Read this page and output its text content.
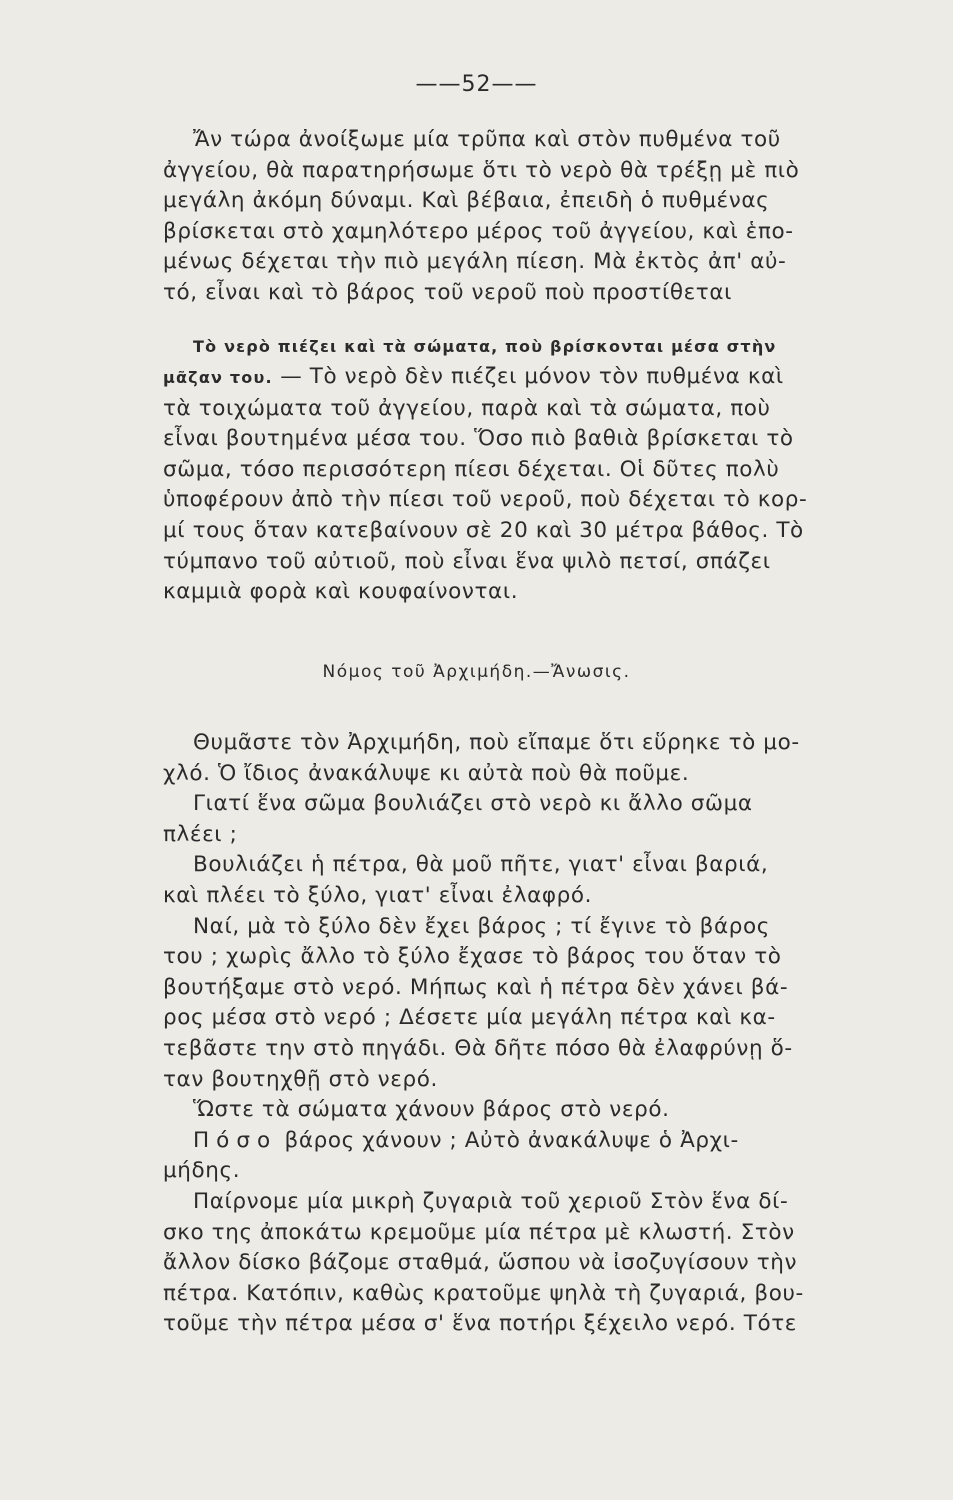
——52——
Ἄν τώρα ἀνοίξωμε μία τρῦπα καὶ στὸν πυθμένα τοῦ
ἀγγείου, θὰ παρατηρήσωμε ὅτι τὸ νερὸ θὰ τρέξῃ μὲ πιὸ
μεγάλη ἀκόμη δύναμι. Καὶ βέβαια, ἐπειδὴ ὁ πυθμένας
βρίσκεται στὸ χαμηλότερο μέρος τοῦ ἀγγείου, καὶ ἑπο-
μένως δέχεται τὴν πιὸ μεγάλη πίεση. Μὰ ἐκτὸς ἀπ' αὐ-
τό, εἶναι καὶ τὸ βάρος τοῦ νεροῦ ποὺ προστίθεται
Τὸ νερὸ πιέζει καὶ τὰ σώματα, ποὺ βρίσκονται μέσα στὴν
μᾶζαν του. — Τὸ νερὸ δὲν πιέζει μόνον τὸν πυθμένα καὶ
τὰ τοιχώματα τοῦ ἀγγείου, παρὰ καὶ τὰ σώματα, ποὺ
εἶναι βουτημένα μέσα του. Ὅσο πιὸ βαθιὰ βρίσκεται τὸ
σῶμα, τόσο περισσότερη πίεσι δέχεται. Οἱ δῦτες πολὺ
ὑποφέρουν ἀπὸ τὴν πίεσι τοῦ νεροῦ, ποὺ δέχεται τὸ κορ-
μί τους ὅταν κατεβαίνουν σὲ 20 καὶ 30 μέτρα βάθος. Τὸ
τύμπανο τοῦ αὐτιοῦ, ποὺ εἶναι ἕνα ψιλὸ πετσί, σπάζει
καμμιὰ φορὰ καὶ κουφαίνονται.
Νόμος τοῦ Ἀρχιμήδη.—Ἄνωσις.
Θυμᾶστε τὸν Ἀρχιμήδη, ποὺ εἴπαμε ὅτι εὕρηκε τὸ μο-
χλό. Ὁ ἴδιος ἀνακάλυψε κι αὐτὰ ποὺ θὰ ποῦμε.
Γιατί ἕνα σῶμα βουλιάζει στὸ νερὸ κι ἄλλο σῶμα
πλέει ;
Βουλιάζει ἡ πέτρα, θὰ μοῦ πῆτε, γιατ' εἶναι βαριά,
καὶ πλέει τὸ ξύλο, γιατ' εἶναι ἐλαφρό.
Ναί, μὰ τὸ ξύλο δὲν ἔχει βάρος ; τί ἔγινε τὸ βάρος
του ; χωρὶς ἄλλο τὸ ξύλο ἔχασε τὸ βάρος του ὅταν τὸ
βουτήξαμε στὸ νερό. Μήπως καὶ ἡ πέτρα δὲν χάνει βά-
ρος μέσα στὸ νερό ; Δέσετε μία μεγάλη πέτρα καὶ κα-
τεβᾶστε την στὸ πηγάδι. Θὰ δῆτε πόσο θὰ ἐλαφρύνῃ ὅ-
ταν βουτηχθῇ στὸ νερό.
Ὥστε τὰ σώματα χάνουν βάρος στὸ νερό.
Πόσο βάρος χάνουν ; Αὐτὸ ἀνακάλυψε ὁ Ἀρχι-
μήδης.
Παίρνομε μία μικρὴ ζυγαριὰ τοῦ χεριοῦ Στὸν ἕνα δί-
σκο της ἀποκάτω κρεμοῦμε μία πέτρα μὲ κλωστή. Στὸν
ἄλλον δίσκο βάζομε σταθμά, ὥσπου νὰ ἰσοζυγίσουν τὴν
πέτρα. Κατόπιν, καθὼς κρατοῦμε ψηλὰ τὴ ζυγαριά, βου-
τοῦμε τὴν πέτρα μέσα σ' ἕνα ποτήρι ξέχειλο νερό. Τότε
